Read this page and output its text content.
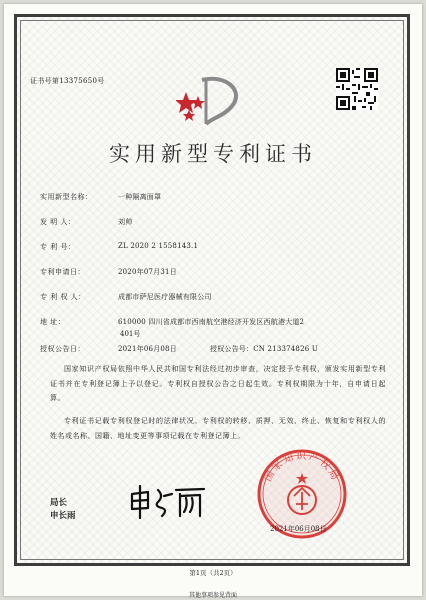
证书号第13375650号
实用新型专利证书
实用新型名称：	一种隔离面罩
发 明 人：	刘帅
专 利 号：	ZL 2020 2 1558143.1
专利申请日：	2020年07月31日
专 利 权 人：	成都市萨尼医疗器械有限公司
地 址：	610000 四川省成都市西南航空港经济开发区西航港大道2
401号
授权公告日：	2021年06月08日	授权公告号：CN 213374826 U
国家知识产权局依照中华人民共和国专利法经过初步审查，决定授予专利权，颁发实用新型专利证书并在专利登记簿上予以登记。专利权自授权公告之日起生效。专利权期限为十年，自申请日起算。
专利证书记载专利权登记时的法律状况。专利权的转移、质押、无效、终止、恢复和专利权人的姓名或名称、国籍、地址变更等事项记载在专利登记簿上。
局长
申长雨
国家知识产权局
2021年06月08日
第1页（共2页）
其他事项参见背面
